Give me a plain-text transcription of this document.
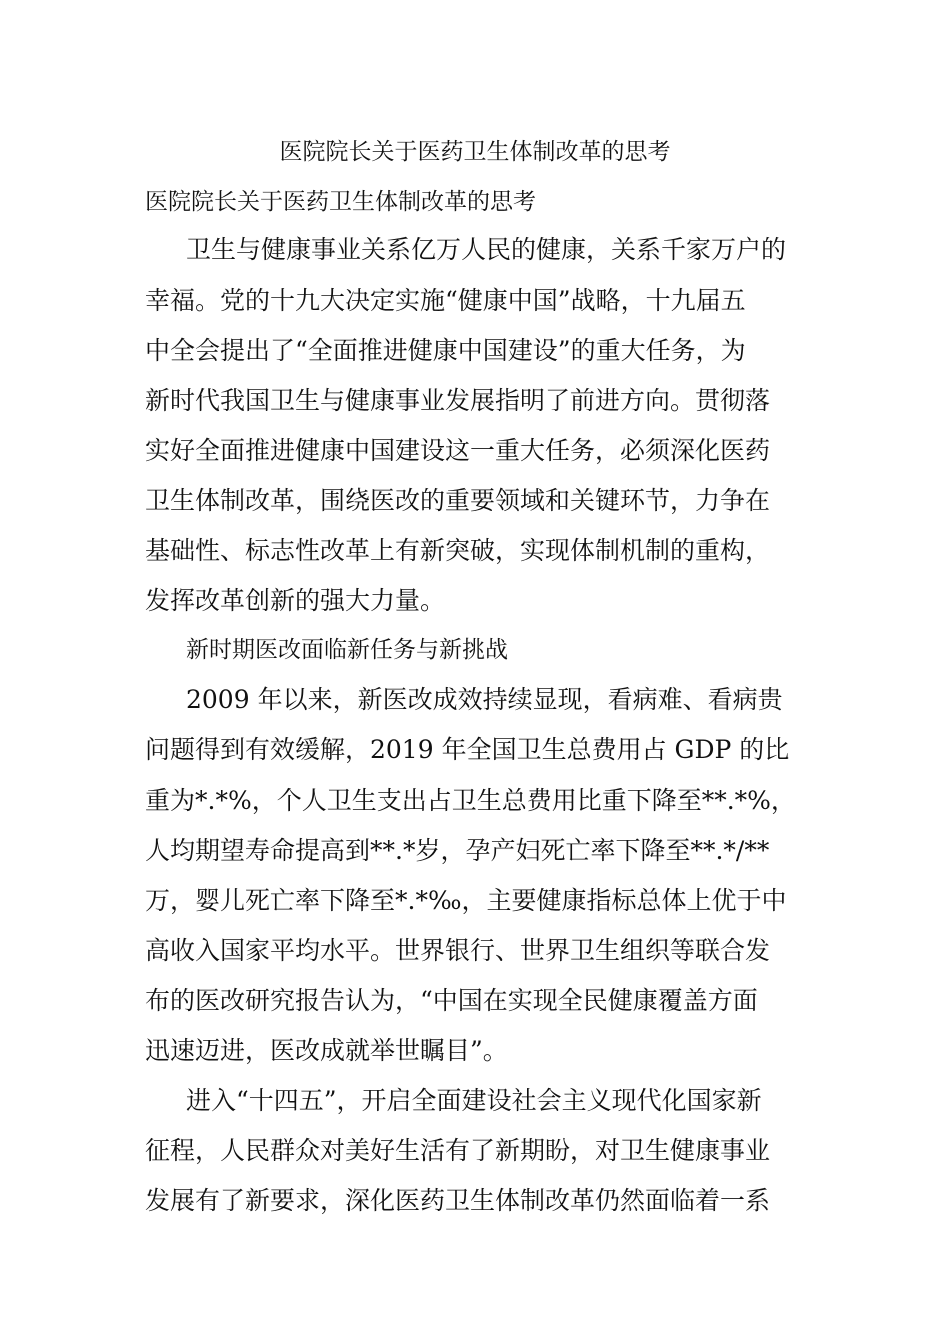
医院院长关于医药卫生体制改革的思考
医院院长关于医药卫生体制改革的思考
卫生与健康事业关系亿万人民的健康，关系千家万户的
幸福。党的十九大决定实施“健康中国”战略，十九届五
中全会提出了“全面推进健康中国建设”的重大任务，为
新时代我国卫生与健康事业发展指明了前进方向。贯彻落
实好全面推进健康中国建设这一重大任务，必须深化医药
卫生体制改革，围绕医改的重要领域和关键环节，力争在
基础性、标志性改革上有新突破，实现体制机制的重构，
发挥改革创新的强大力量。
新时期医改面临新任务与新挑战
2009 年以来，新医改成效持续显现，看病难、看病贵
问题得到有效缓解，2019 年全国卫生总费用占 GDP 的比
重为*.*%，个人卫生支出占卫生总费用比重下降至**.*%，
人均期望寿命提高到**.*岁，孕产妇死亡率下降至**.*/**
万，婴儿死亡率下降至*.*‰，主要健康指标总体上优于中
高收入国家平均水平。世界银行、世界卫生组织等联合发
布的医改研究报告认为，“中国在实现全民健康覆盖方面
迅速迈进，医改成就举世瞩目”。
进入“十四五”，开启全面建设社会主义现代化国家新
征程，人民群众对美好生活有了新期盼，对卫生健康事业
发展有了新要求，深化医药卫生体制改革仍然面临着一系
